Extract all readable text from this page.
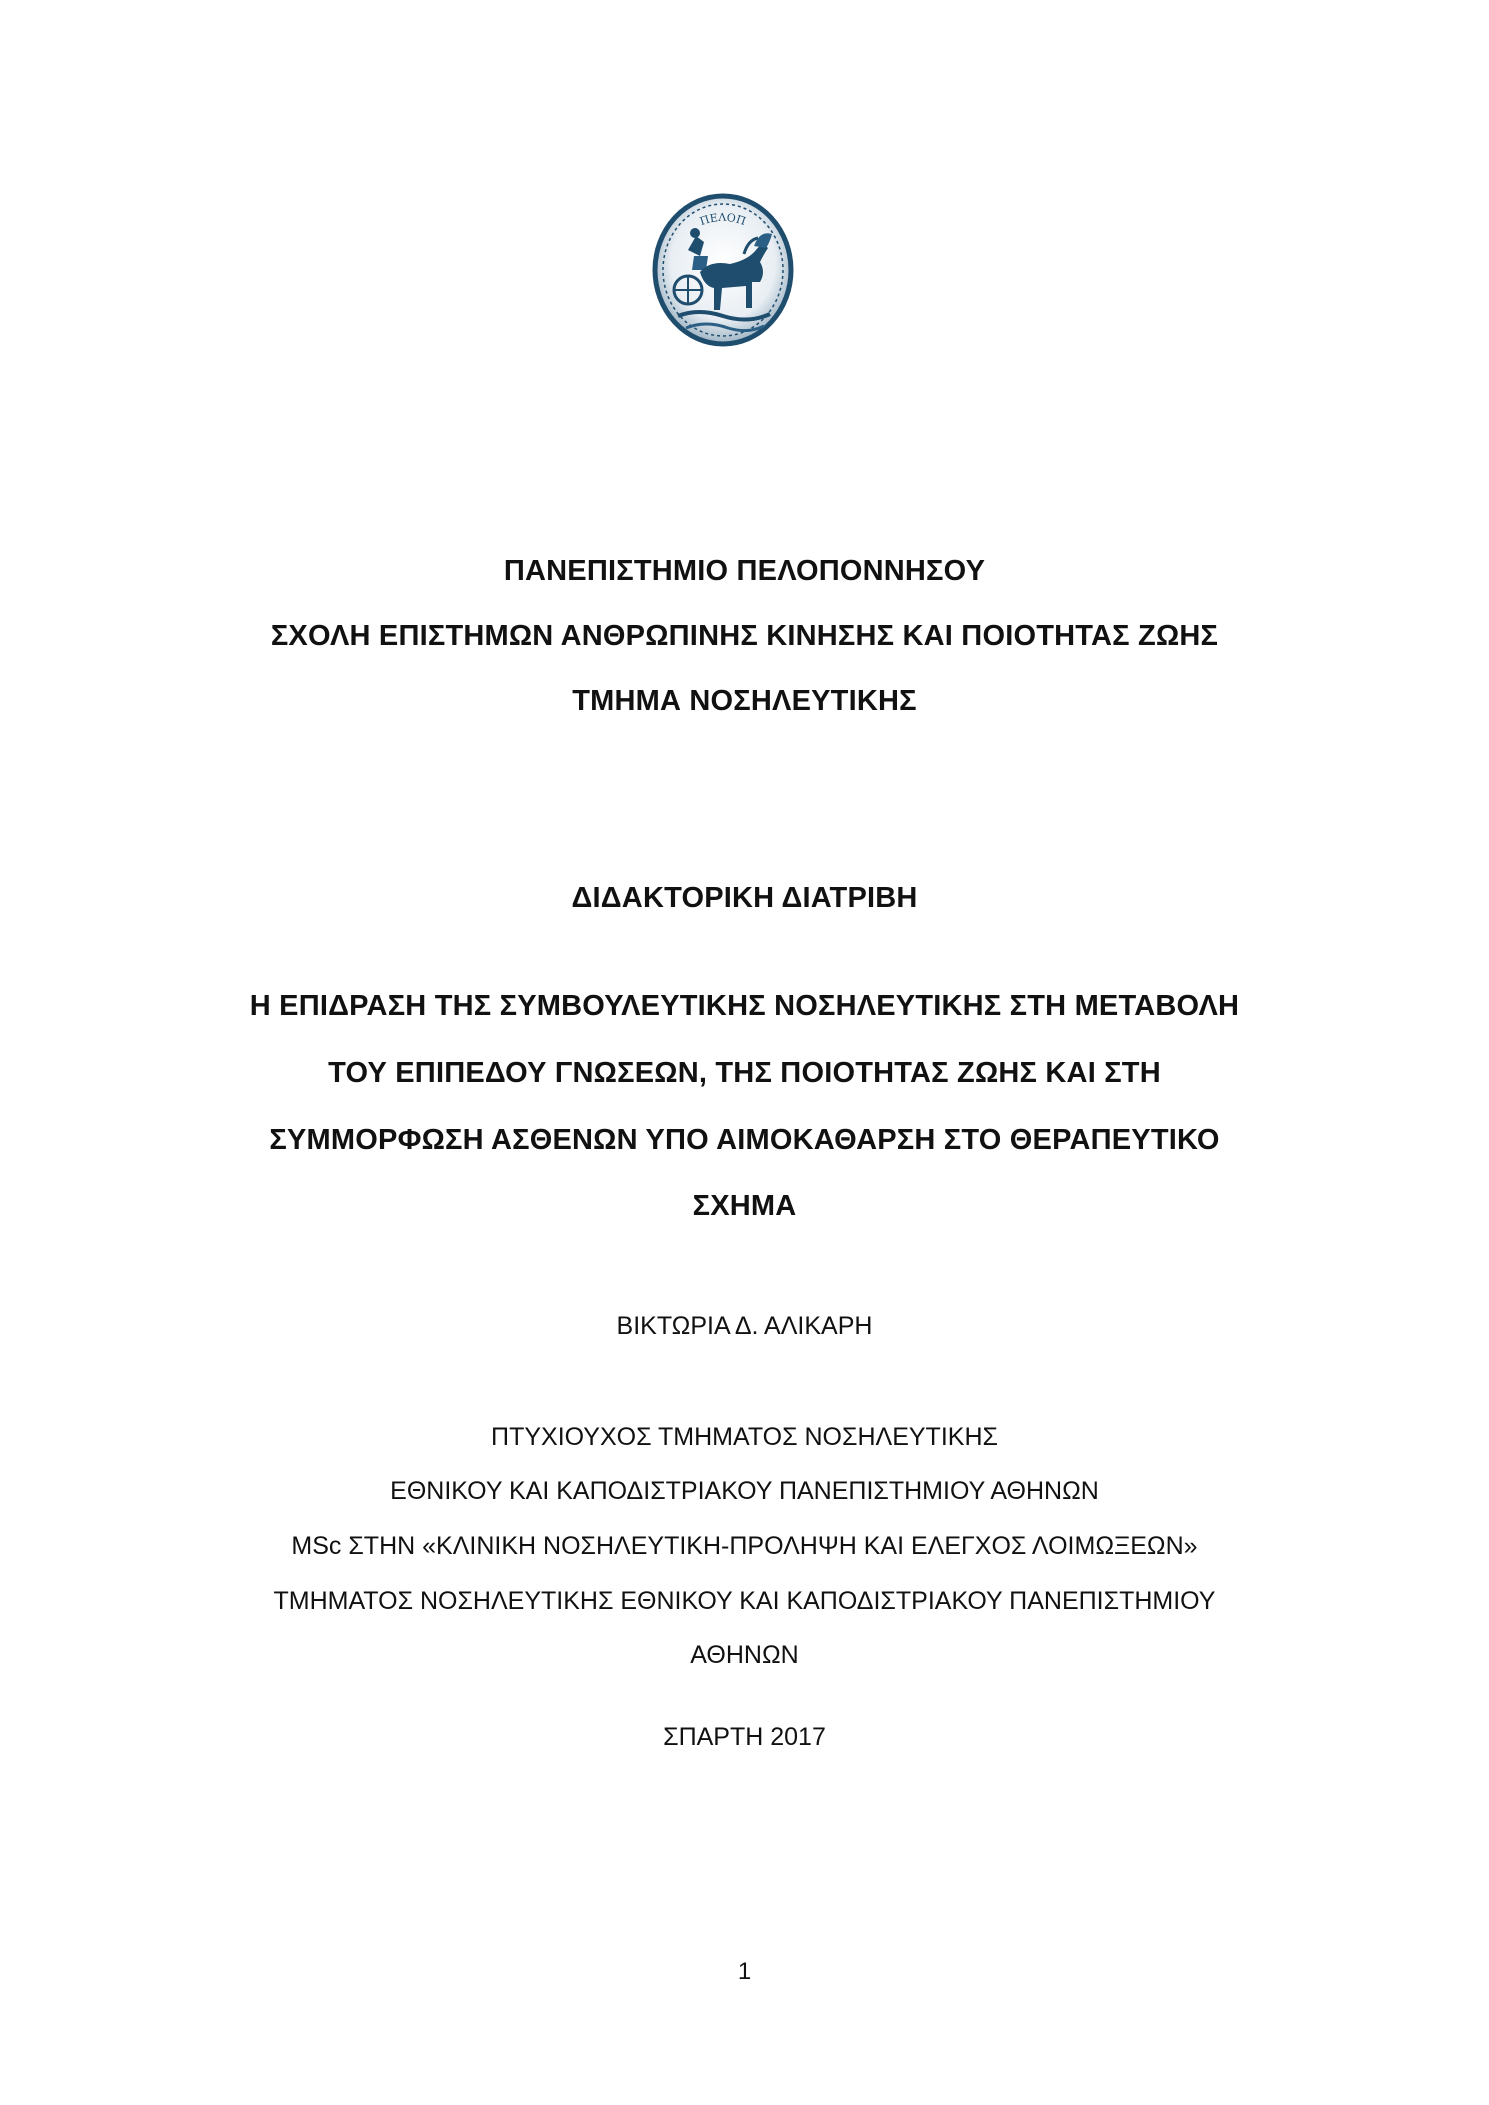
ΠΕΛΟΠ
ΠΑΝΕΠΙΣΤΗΜΙΟ ΠΕΛΟΠΟΝΝΗΣΟΥ
ΣΧΟΛΗ ΕΠΙΣΤΗΜΩΝ ΑΝΘΡΩΠΙΝΗΣ ΚΙΝΗΣΗΣ ΚΑΙ ΠΟΙΟΤΗΤΑΣ ΖΩΗΣ
ΤΜΗΜΑ ΝΟΣΗΛΕΥΤΙΚΗΣ
ΔΙΔΑΚΤΟΡΙΚΗ ΔΙΑΤΡΙΒΗ
Η ΕΠΙΔΡΑΣΗ ΤΗΣ ΣΥΜΒΟΥΛΕΥΤΙΚΗΣ ΝΟΣΗΛΕΥΤΙΚΗΣ ΣΤΗ ΜΕΤΑΒΟΛΗ
ΤΟΥ ΕΠΙΠΕΔΟΥ ΓΝΩΣΕΩΝ, ΤΗΣ ΠΟΙΟΤΗΤΑΣ ΖΩΗΣ ΚΑΙ ΣΤΗ
ΣΥΜΜΟΡΦΩΣΗ ΑΣΘΕΝΩΝ ΥΠΟ ΑΙΜΟΚΑΘΑΡΣΗ ΣΤΟ ΘΕΡΑΠΕΥΤΙΚΟ
ΣΧΗΜΑ
ΒΙΚΤΩΡΙΑ Δ. ΑΛΙΚΑΡΗ
ΠΤΥΧΙΟΥΧΟΣ ΤΜΗΜΑΤΟΣ ΝΟΣΗΛΕΥΤΙΚΗΣ
ΕΘΝΙΚΟΥ ΚΑΙ ΚΑΠΟΔΙΣΤΡΙΑΚΟΥ ΠΑΝΕΠΙΣΤΗΜΙΟΥ ΑΘΗΝΩΝ
MSc ΣΤΗΝ «ΚΛΙΝΙΚΗ ΝΟΣΗΛΕΥΤΙΚΗ-ΠΡΟΛΗΨΗ ΚΑΙ ΕΛΕΓΧΟΣ ΛΟΙΜΩΞΕΩΝ»
ΤΜΗΜΑΤΟΣ ΝΟΣΗΛΕΥΤΙΚΗΣ ΕΘΝΙΚΟΥ ΚΑΙ ΚΑΠΟΔΙΣΤΡΙΑΚΟΥ ΠΑΝΕΠΙΣΤΗΜΙΟΥ
ΑΘΗΝΩΝ
ΣΠΑΡΤΗ 2017
1
